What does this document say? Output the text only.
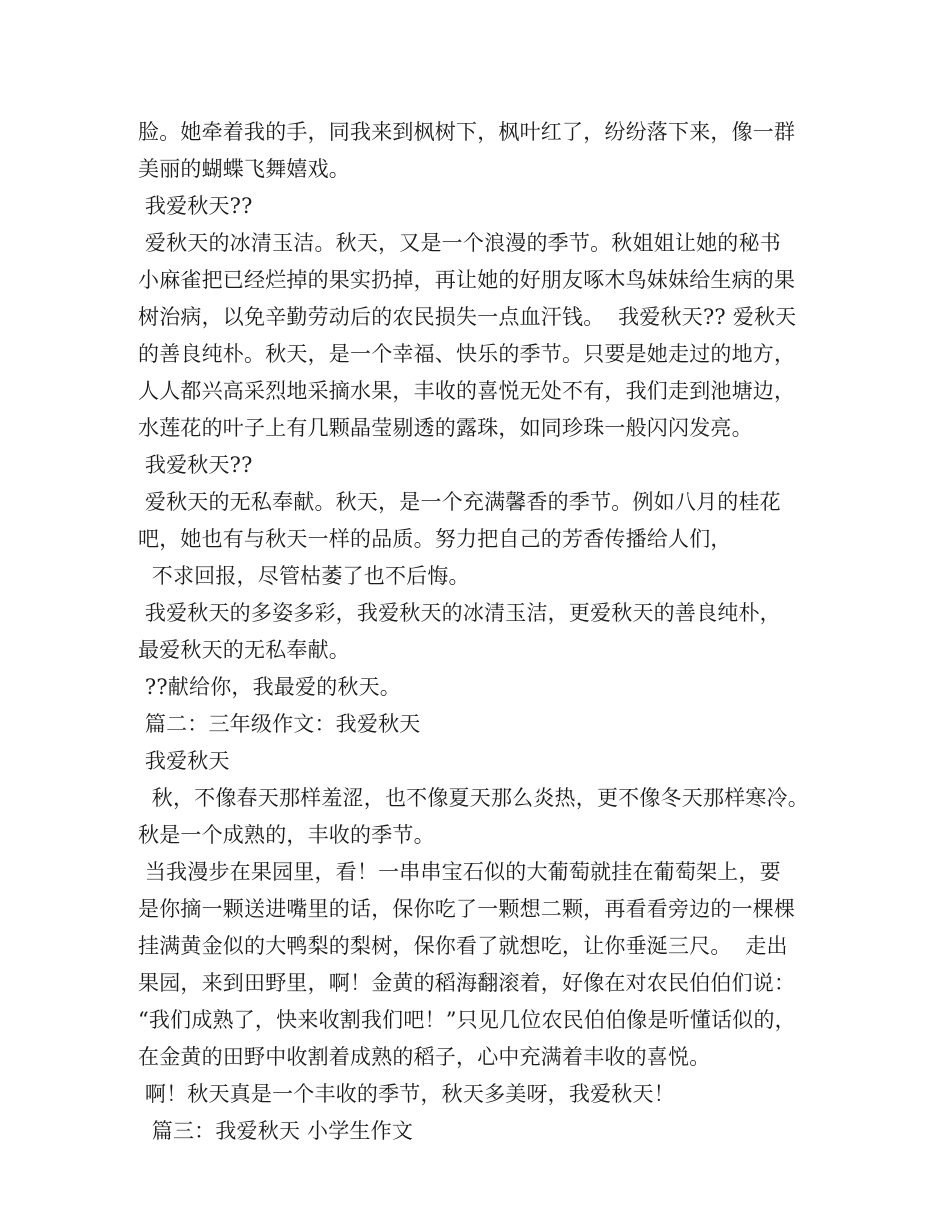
脸。她牵着我的手，同我来到枫树下，枫叶红了，纷纷落下来，像一群
美丽的蝴蝶飞舞嬉戏。
我爱秋天??
爱秋天的冰清玉洁。秋天，又是一个浪漫的季节。秋姐姐让她的秘书
小麻雀把已经烂掉的果实扔掉，再让她的好朋友啄木鸟妹妹给生病的果
树治病，以免辛勤劳动后的农民损失一点血汗钱。  我爱秋天?? 爱秋天
的善良纯朴。秋天，是一个幸福、快乐的季节。只要是她走过的地方，
人人都兴高采烈地采摘水果，丰收的喜悦无处不有，我们走到池塘边，
水莲花的叶子上有几颗晶莹剔透的露珠，如同珍珠一般闪闪发亮。
我爱秋天??
爱秋天的无私奉献。秋天，是一个充满馨香的季节。例如八月的桂花
吧，她也有与秋天一样的品质。努力把自己的芳香传播给人们，
不求回报，尽管枯萎了也不后悔。
我爱秋天的多姿多彩，我爱秋天的冰清玉洁，更爱秋天的善良纯朴，
最爱秋天的无私奉献。
??献给你，我最爱的秋天。
篇二：三年级作文：我爱秋天
我爱秋天
秋，不像春天那样羞涩，也不像夏天那么炎热，更不像冬天那样寒冷。
秋是一个成熟的，丰收的季节。
当我漫步在果园里，看！一串串宝石似的大葡萄就挂在葡萄架上，要
是你摘一颗送进嘴里的话，保你吃了一颗想二颗，再看看旁边的一棵棵
挂满黄金似的大鸭梨的梨树，保你看了就想吃，让你垂涎三尺。  走出
果园，来到田野里，啊！金黄的稻海翻滚着，好像在对农民伯伯们说：
“我们成熟了，快来收割我们吧！”只见几位农民伯伯像是听懂话似的，
在金黄的田野中收割着成熟的稻子，心中充满着丰收的喜悦。
啊！秋天真是一个丰收的季节，秋天多美呀，我爱秋天！
篇三：我爱秋天 小学生作文
